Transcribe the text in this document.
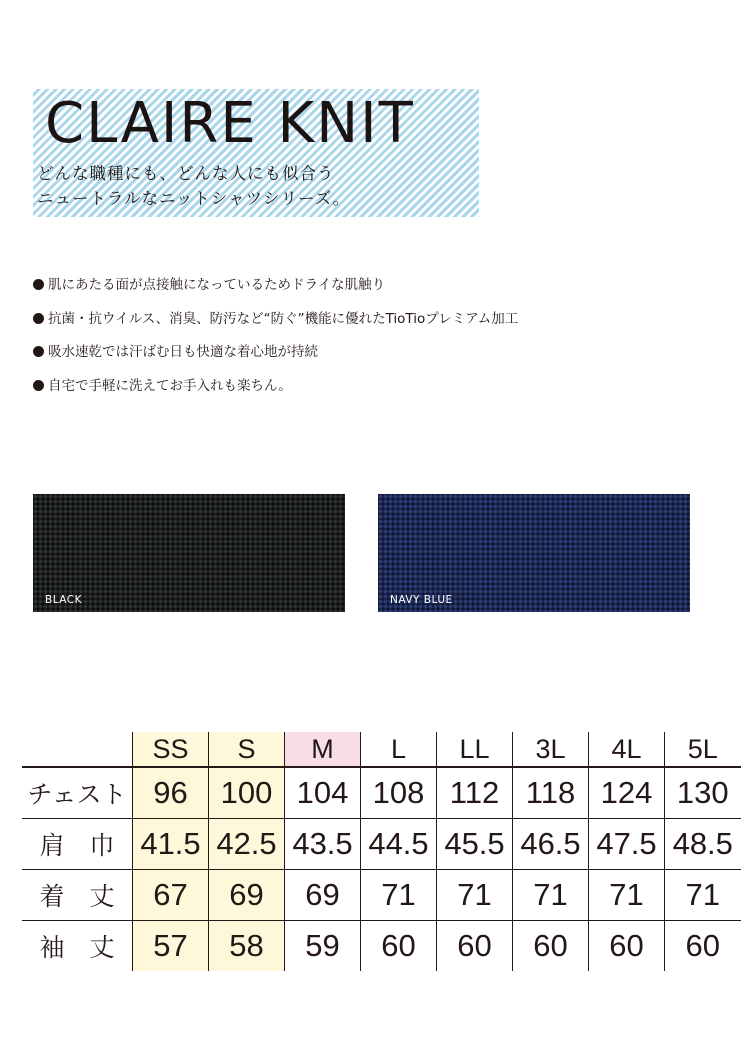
CLAIRE KNIT
どんな職種にも、どんな人にも似合う
ニュートラルなニットシャツシリーズ。
肌にあたる面が点接触になっているためドライな肌触り
抗菌・抗ウイルス、消臭、防汚など“防ぐ”機能に優れたTioTioプレミアム加工
吸水速乾では汗ばむ日も快適な着心地が持続
自宅で手軽に洗えてお手入れも楽ちん。
BLACK	NAVY BLUE
	SS	S	M	L	LL	3L	4L	5L
チェスト	96	100	104	108	112	118	124	130
肩　巾	41.5	42.5	43.5	44.5	45.5	46.5	47.5	48.5
着　丈	67	69	69	71	71	71	71	71
袖　丈	57	58	59	60	60	60	60	60
